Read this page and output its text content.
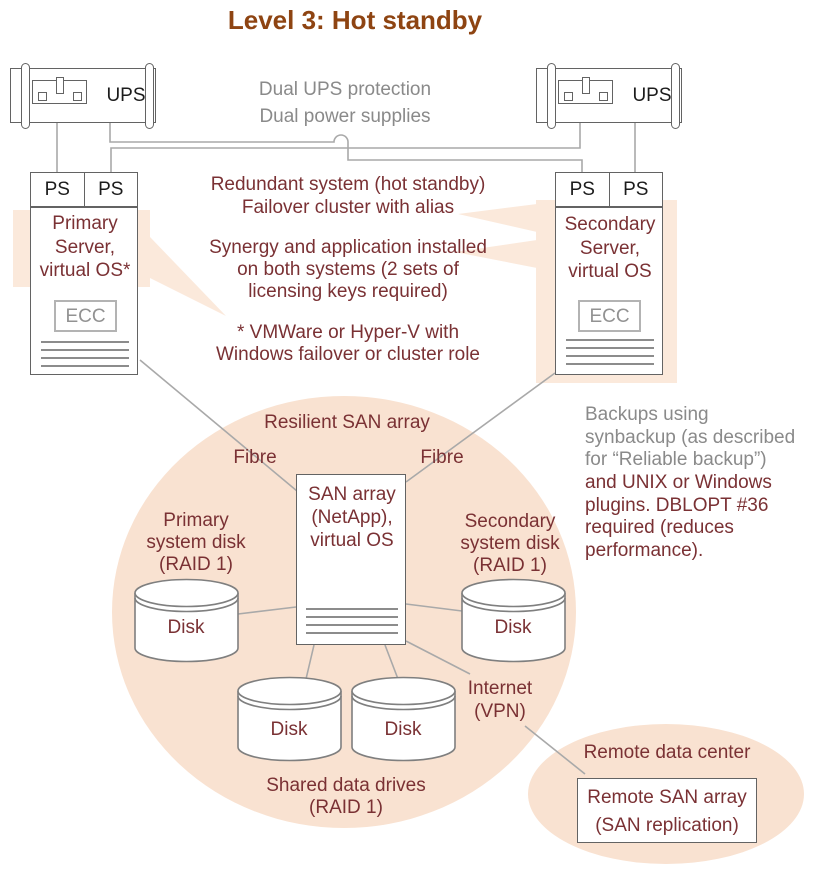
Level 3: Hot standby
UPS	UPS
Dual UPS protection
Dual power supplies
PS	PS	PS	PS
Primary
Server,
virtual OS*
ECC
Secondary
Server,
virtual OS
ECC
Redundant system (hot standby)
Failover cluster with alias
Synergy and application installed
on both systems (2 sets of
licensing keys required)
* VMWare or Hyper-V with
Windows failover or cluster role
Resilient SAN array
Fibre	Fibre
SAN array
(NetApp),
virtual OS
Primary
system disk
(RAID 1)
Secondary
system disk
(RAID 1)
Shared data drives
(RAID 1)
Disk	Disk
Disk	Disk
Backups using
synbackup (as described
for “Reliable backup”)
and UNIX or Windows
plugins. DBLOPT #36
required (reduces
performance).
Internet
(VPN)
Remote data center
Remote SAN array
(SAN replication)
